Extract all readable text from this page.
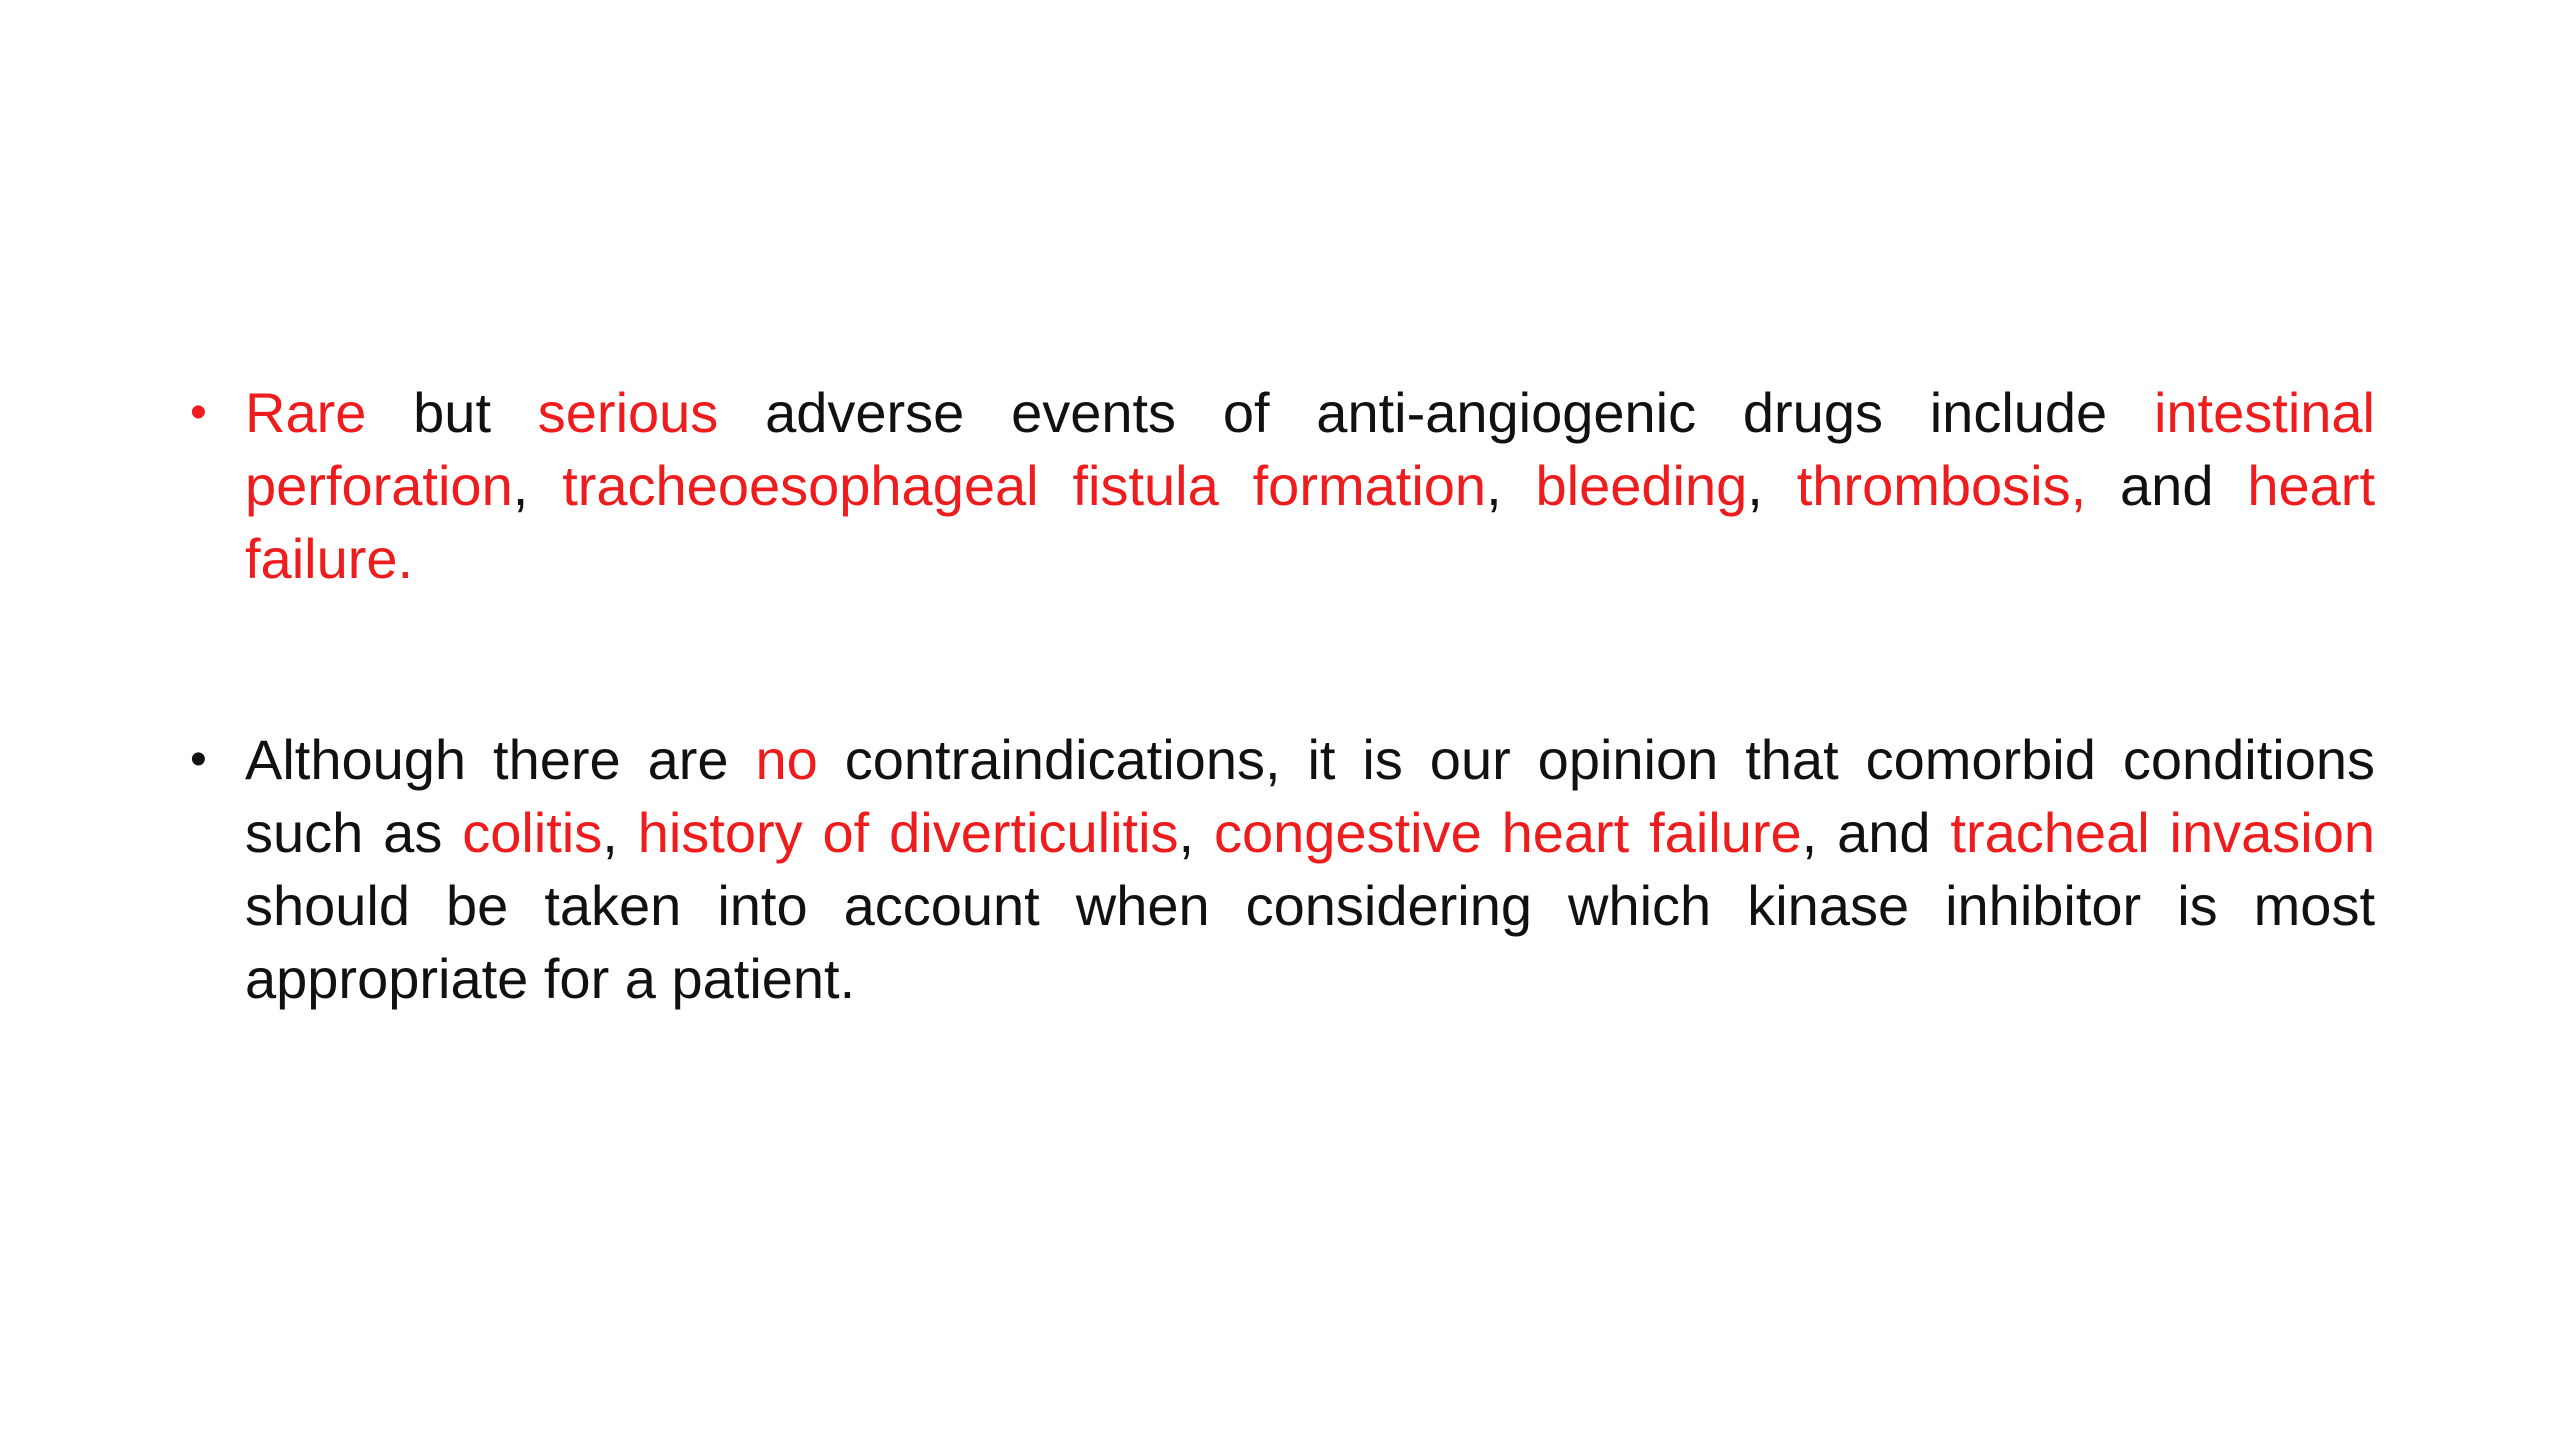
• Rare but serious adverse events of anti-angiogenic drugs include intestinal perforation, tracheoesophageal fistula formation, bleeding, thrombosis, and heart failure.
• Although there are no contraindications, it is our opinion that comorbid conditions such as colitis, history of diverticulitis, congestive heart failure, and tracheal invasion should be taken into account when considering which kinase inhibitor is most appropriate for a patient.
